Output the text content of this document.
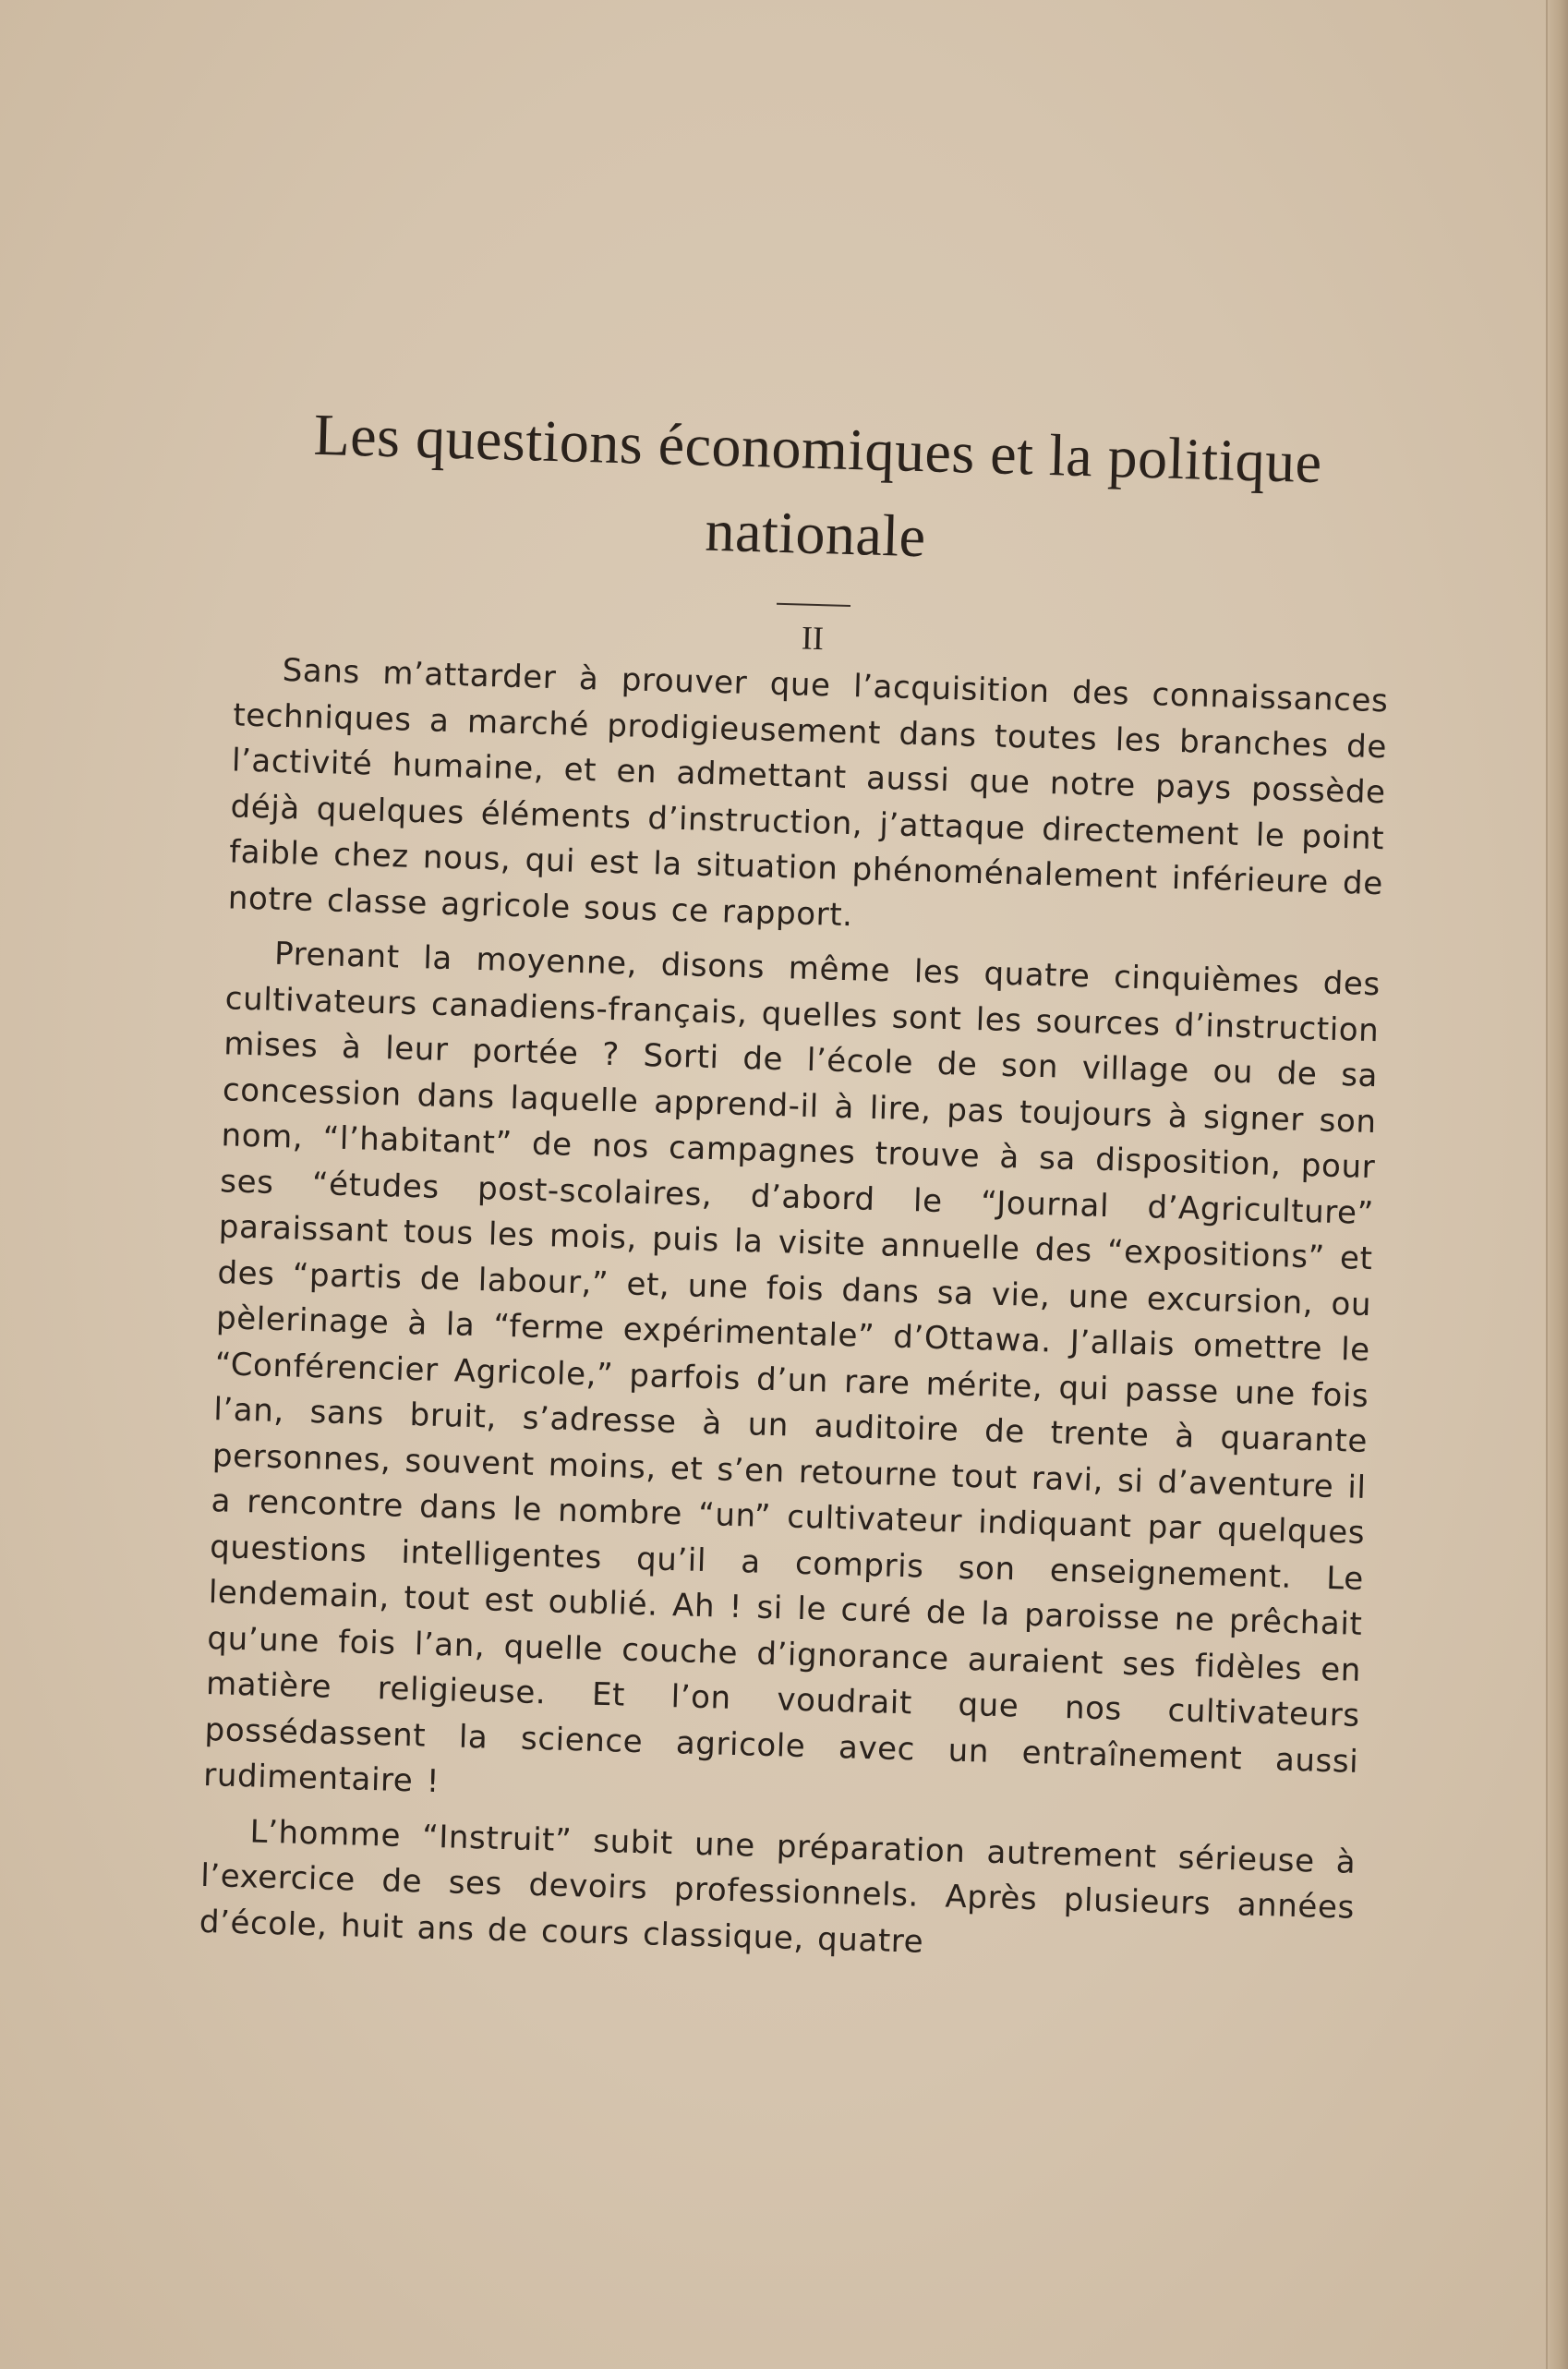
Les questions économiques et la politique nationale
II

Sans m’attarder à prouver que l’acquisition des connaissances techniques a marché prodigieusement dans toutes les branches de l’activité humaine, et en admettant aussi que notre pays possède déjà quelques éléments d’instruction, j’attaque directement le point faible chez nous, qui est la situation phénoménalement inférieure de notre classe agricole sous ce rapport.

Prenant la moyenne, disons même les quatre cinquièmes des cultivateurs canadiens-français, quelles sont les sources d’instruction mises à leur portée ? Sorti de l’école de son village ou de sa concession dans laquelle apprend-il à lire, pas toujours à signer son nom, “l’habitant” de nos campagnes trouve à sa disposition, pour ses “études post-scolaires, d’abord le “Journal d’Agriculture” paraissant tous les mois, puis la visite annuelle des “expositions” et des “partis de labour,” et, une fois dans sa vie, une excursion, ou pèlerinage à la “ferme expérimentale” d’Ottawa. J’allais omettre le “Conférencier Agricole,” parfois d’un rare mérite, qui passe une fois l’an, sans bruit, s’adresse à un auditoire de trente à quarante personnes, souvent moins, et s’en retourne tout ravi, si d’aventure il a rencontre dans le nombre “un” cultivateur indiquant par quelques questions intelligentes qu’il a compris son enseignement. Le lendemain, tout est oublié. Ah ! si le curé de la paroisse ne prêchait qu’une fois l’an, quelle couche d’ignorance auraient ses fidèles en matière religieuse. Et l’on voudrait que nos cultivateurs possédassent la science agricole avec un entraînement aussi rudimentaire !

L’homme “Instruit” subit une préparation autrement sérieuse à l’exercice de ses devoirs professionnels. Après plusieurs années d’école, huit ans de cours classique, quatre
